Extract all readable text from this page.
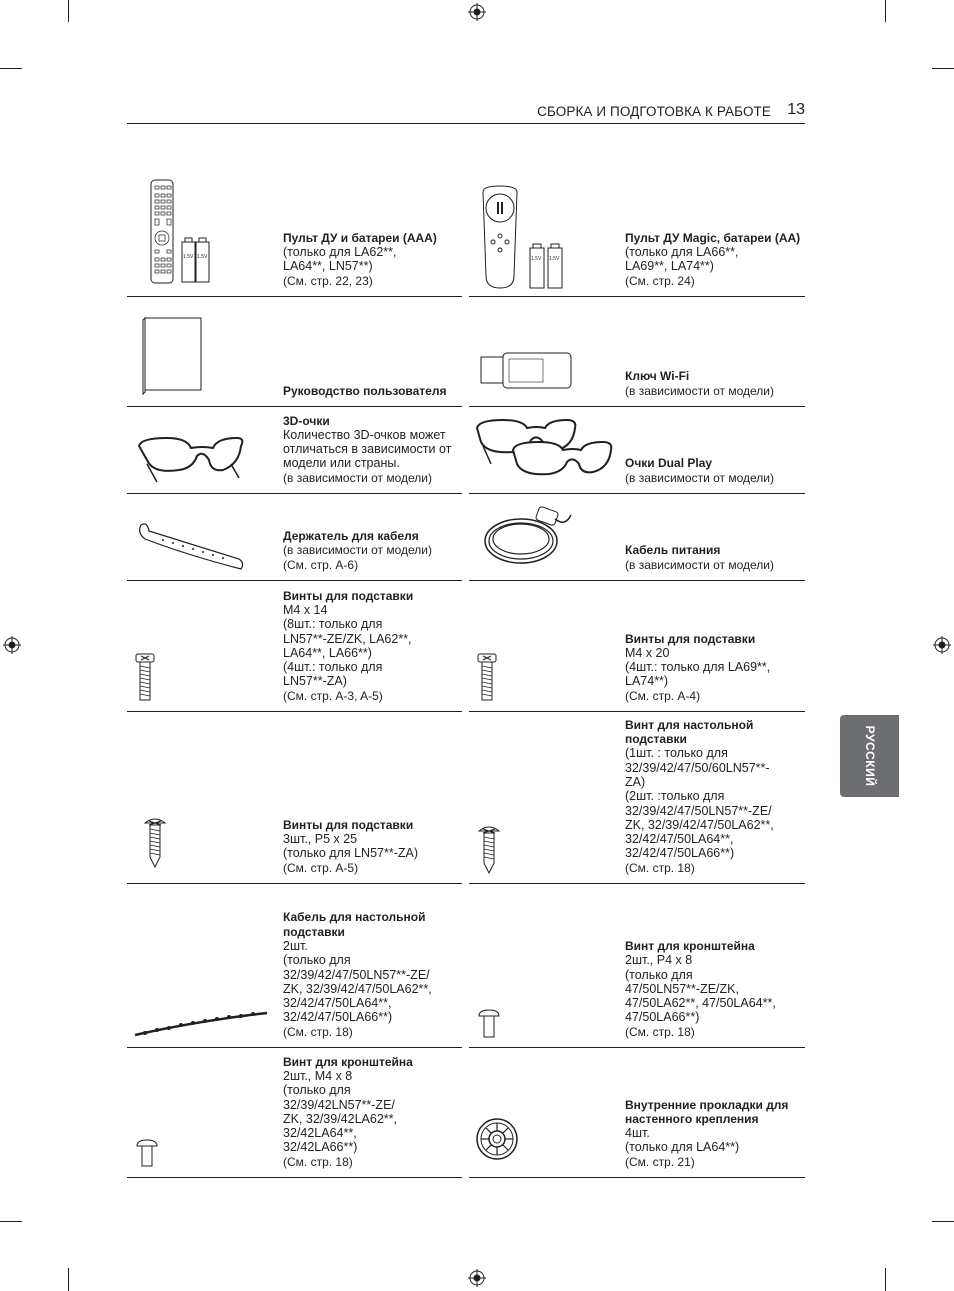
СБОРКА И ПОДГОТОВКА К РАБОТЕ 13
РУССКИЙ
1.5V 1.5V
Пульт ДУ и батареи (AAA)
(только для LA62**,
LA64**, LN57**)
(См. стр. 22, 23)
1.5V 1.5V
Пульт ДУ Magic, батареи (AA)
(только для LA66**,
LA69**, LA74**)
(См. стр. 24)
Руководство пользователя
Ключ Wi-Fi
(в зависимости от модели)
3D-очки
Количество 3D-очков может отличаться в зависимости от модели или страны.
(в зависимости от модели)
Очки Dual Play
(в зависимости от модели)
Держатель для кабеля
(в зависимости от модели)
(См. стр. A-6)
Кабель питания
(в зависимости от модели)
Винты для подставки
M4 x 14
(8шт.: только для
LN57**-ZE/ZK, LA62**,
LA64**, LA66**)
(4шт.: только для
LN57**-ZA)
(См. стр. A-3, A-5)
Винты для подставки
M4 x 20
(4шт.: только для LA69**,
LA74**)
(См. стр. A-4)
Винты для подставки
3шт., P5 x 25
(только для LN57**-ZA)
(См. стр. A-5)
Винт для настольной подставки
(1шт. : только для
32/39/42/47/50/60LN57**-
ZA)
(2шт. :только для
32/39/42/47/50LN57**-ZE/
ZK, 32/39/42/47/50LA62**,
32/42/47/50LA64**,
32/42/47/50LA66**)
(См. стр. 18)
Кабель для настольной подставки
2шт.
(только для
32/39/42/47/50LN57**-ZE/
ZK, 32/39/42/47/50LA62**,
32/42/47/50LA64**,
32/42/47/50LA66**)
(См. стр. 18)
Винт для кронштейна
2шт., P4 x 8
(только для
47/50LN57**-ZE/ZK,
47/50LA62**, 47/50LA64**,
47/50LA66**)
(См. стр. 18)
Винт для кронштейна
2шт., M4 x 8
(только для
32/39/42LN57**-ZE/
ZK, 32/39/42LA62**,
32/42LA64**,
32/42LA66**)
(См. стр. 18)
Внутренние прокладки для настенного крепления
4шт.
(только для LA64**)
(См. стр. 21)
